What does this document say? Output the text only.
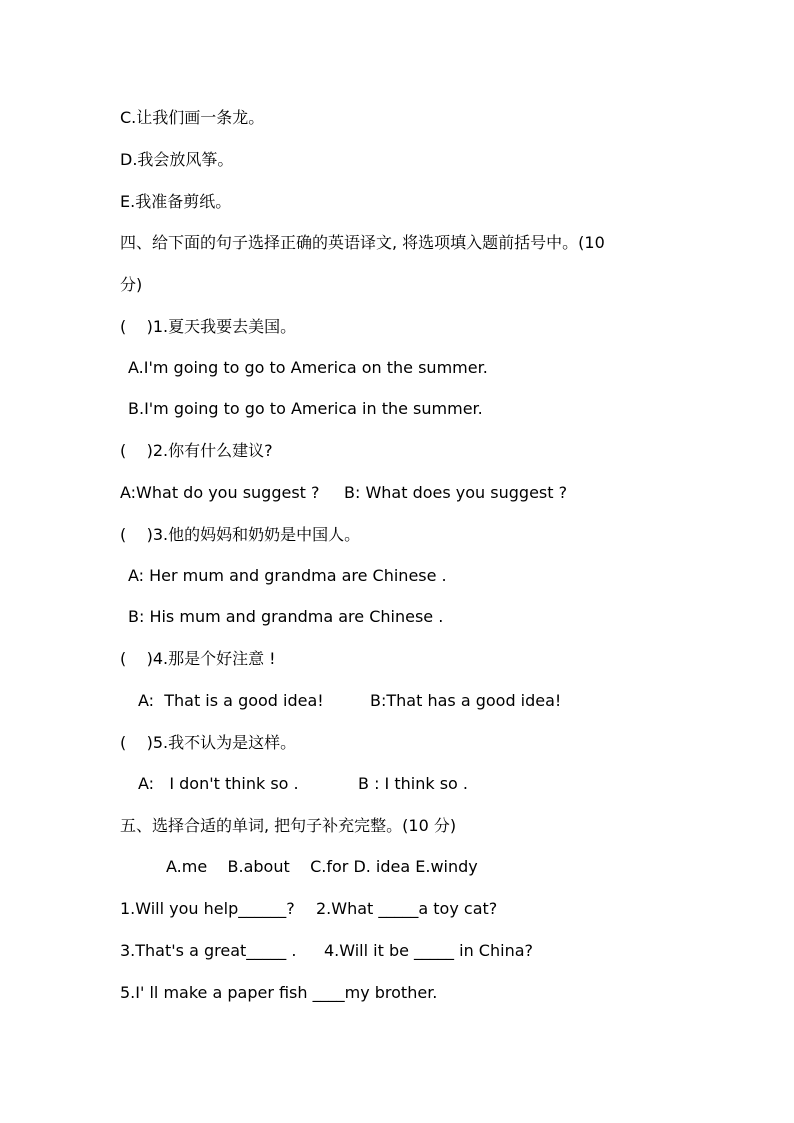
C.让我们画一条龙。
D.我会放风筝。
E.我准备剪纸。
四、给下面的句子选择正确的英语译文, 将选项填入题前括号中。(10
分)
(    )1.夏天我要去美国。
A.I'm going to go to America on the summer.
B.I'm going to go to America in the summer.
(    )2.你有什么建议?
A:What do you suggest ? B: What does you suggest ?
(    )3.他的妈妈和奶奶是中国人。
A: Her mum and grandma are Chinese .
B: His mum and grandma are Chinese .
(    )4.那是个好注意 !
A:  That is a good idea!	B:That has a good idea!
(    )5.我不认为是这样。
A:   I don't think so .	B : I think so .
五、选择合适的单词, 把句子补充完整。(10 分)
A.me    B.about    C.for D. idea E.windy
1.Will you help______? 2.What _____a toy cat?
3.That's a great_____ . 4.Will it be _____ in China?
5.I' ll make a paper fish ____my brother.
